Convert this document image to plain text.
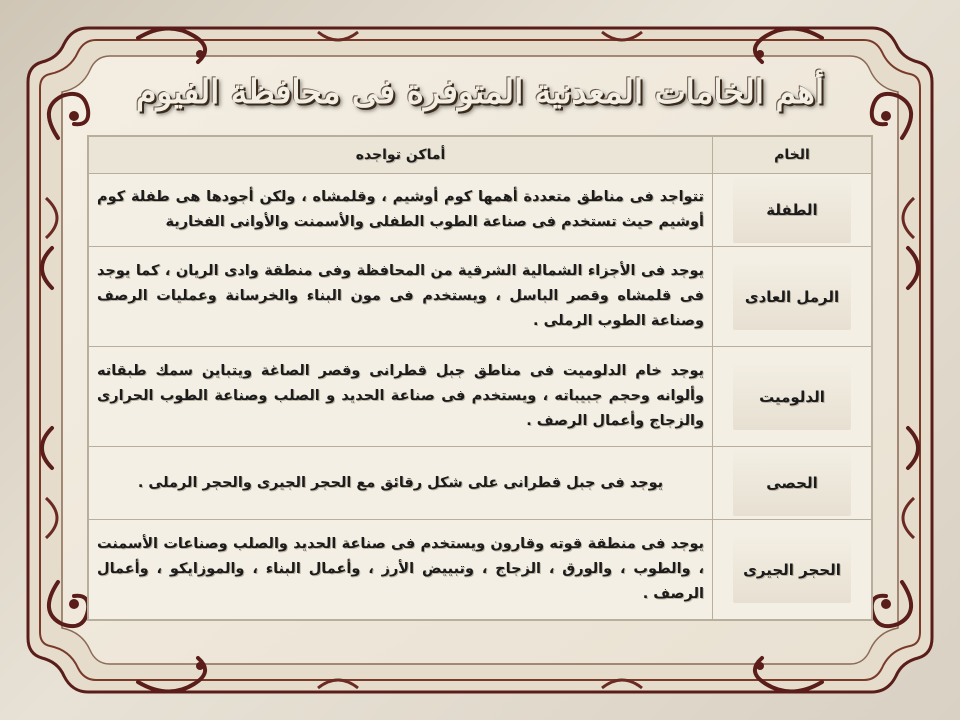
أهم الخامات المعدنية المتوفرة فى محافظة الفيوم
الخام	أماكن تواجده
الطفلة	تتواجد فى مناطق متعددة أهمها كوم أوشيم ، وقلمشاه ، ولكن أجودها هى طفلة كوم أوشيم حيث تستخدم فى صناعة الطوب الطفلى والأسمنت والأوانى الفخارية
الرمل العادى	يوجد فى الأجزاء الشمالية الشرقية من المحافظة وفى منطقة وادى الريان ، كما يوجد فى قلمشاه وقصر الباسل ، ويستخدم فى مون البناء والخرسانة وعمليات الرصف وصناعة الطوب الرملى .
الدلوميت	يوجد خام الدلوميت فى مناطق جبل قطرانى وقصر الصاغة ويتباين سمك طبقاته وألوانه وحجم جبيباته ، ويستخدم فى صناعة الحديد و الصلب وصناعة الطوب الحرارى والزجاج وأعمال الرصف .
الحصى	يوجد فى جبل قطرانى على شكل رقائق مع الحجر الجيرى والحجر الرملى .
الحجر الجيرى	يوجد فى منطقة قوته وقارون ويستخدم فى صناعة الحديد والصلب وصناعات الأسمنت ، والطوب ، والورق ، الزجاج ، وتبييض الأرز ، وأعمال البناء ، والموزايكو ، وأعمال الرصف .
